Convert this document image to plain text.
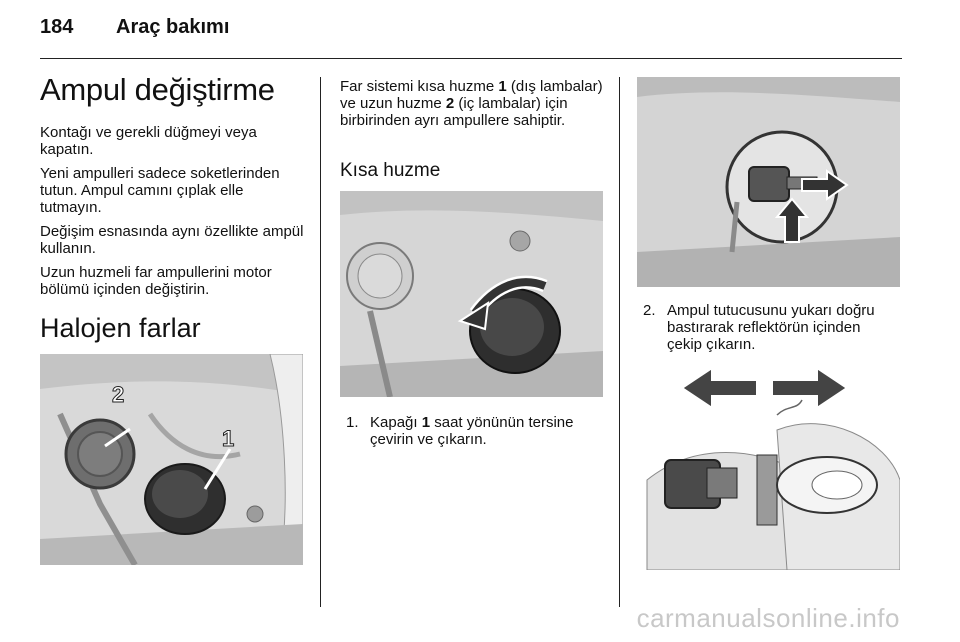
184 Araç bakımı
Ampul değiştirme

Kontağı ve gerekli düğmeyi veya kapatın.

Yeni ampulleri sadece soketlerinden tutun. Ampul camını çıplak elle tutmayın.

Değişim esnasında aynı özellikte ampül kullanın.

Uzun huzmeli far ampullerini motor bölümü içinden değiştirin.

Halojen farlar
2
1

Far sistemi kısa huzme 1 (dış lambalar) ve uzun huzme 2 (iç lambalar) için birbirinden ayrı ampullere sahiptir.

Kısa huzme
1. Kapağı 1 saat yönünün tersine çevirin ve çıkarın.
2. Ampul tutucusunu yukarı doğru bastırarak reflektörün içinden çekip çıkarın.
carmanualsonline.info
